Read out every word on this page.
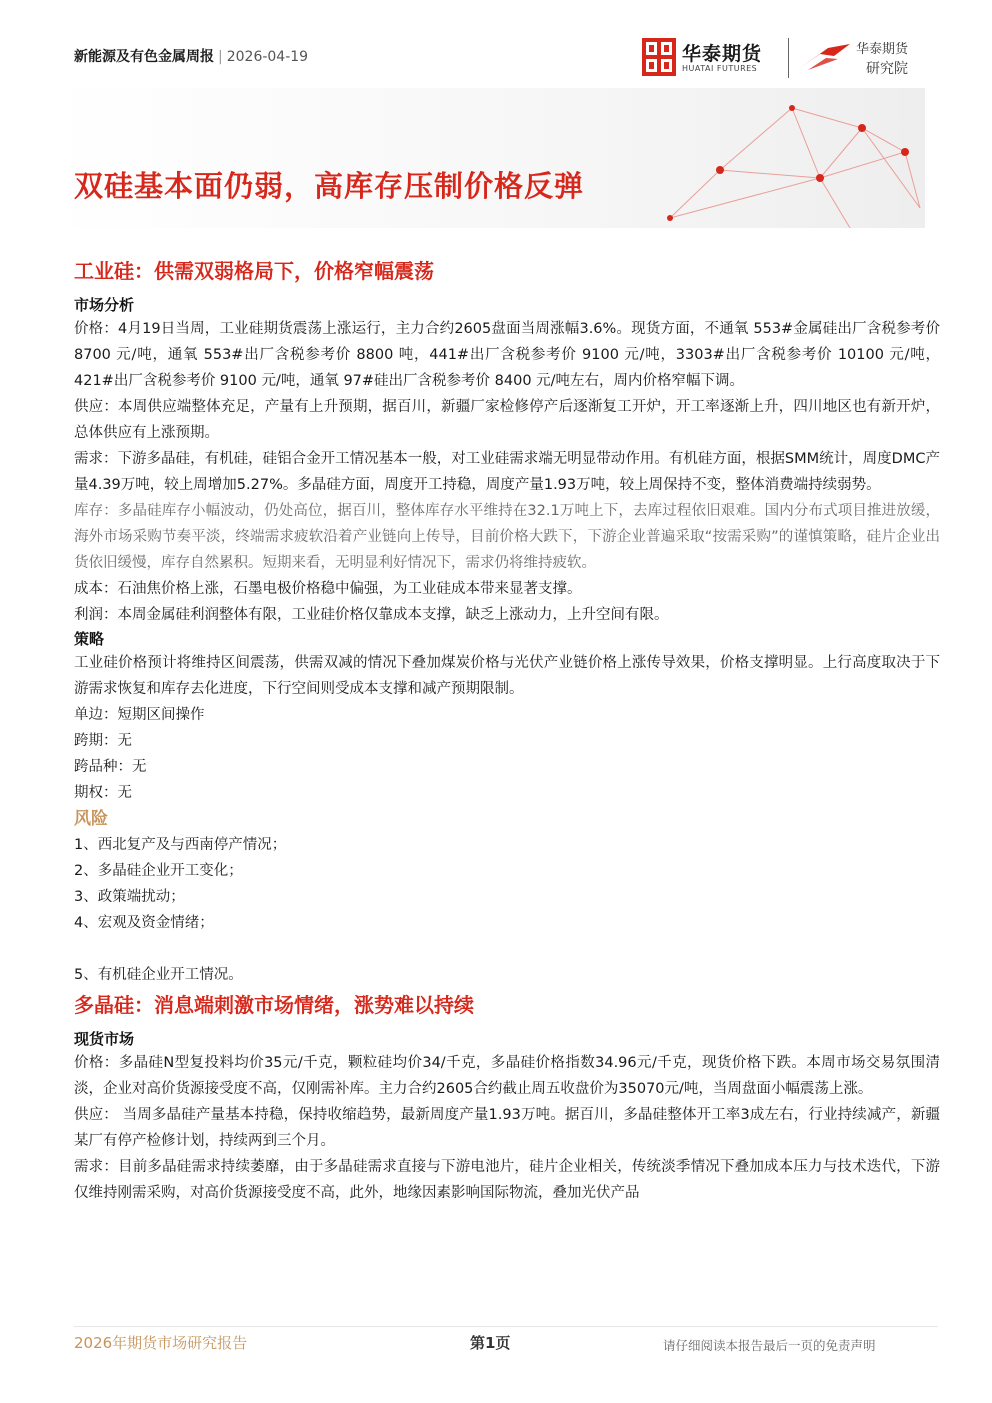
新能源及有色金属周报 | 2026-04-19	华泰期货
HUATAI FUTURES
华泰期货
研究院
双硅基本面仍弱，高库存压制价格反弹
工业硅：供需双弱格局下，价格窄幅震荡
市场分析

价格：4月19日当周，工业硅期货震荡上涨运行，主力合约2605盘面当周涨幅3.6%。现货方面，不通氧 553#金属硅出厂含税参考价 8700 元/吨，通氧 553#出厂含税参考价 8800 吨，441#出厂含税参考价 9100 元/吨，3303#出厂含税参考价 10100 元/吨，421#出厂含税参考价 9100 元/吨，通氧 97#硅出厂含税参考价 8400 元/吨左右，周内价格窄幅下调。

供应：本周供应端整体充足，产量有上升预期，据百川，新疆厂家检修停产后逐渐复工开炉，开工率逐渐上升，四川地区也有新开炉，总体供应有上涨预期。

需求：下游多晶硅，有机硅，硅铝合金开工情况基本一般，对工业硅需求端无明显带动作用。有机硅方面，根据SMM统计，周度DMC产量4.39万吨，较上周增加5.27%。多晶硅方面，周度开工持稳，周度产量1.93万吨，较上周保持不变，整体消费端持续弱势。

库存：多晶硅库存小幅波动，仍处高位，据百川，整体库存水平维持在32.1万吨上下，去库过程依旧艰难。国内分布式项目推进放缓，海外市场采购节奏平淡，终端需求疲软沿着产业链向上传导，目前价格大跌下，下游企业普遍采取“按需采购”的谨慎策略，硅片企业出货依旧缓慢，库存自然累积。短期来看，无明显利好情况下，需求仍将维持疲软。

成本：石油焦价格上涨，石墨电极价格稳中偏强，为工业硅成本带来显著支撑。

利润：本周金属硅利润整体有限，工业硅价格仅靠成本支撑，缺乏上涨动力，上升空间有限。

策略

工业硅价格预计将维持区间震荡，供需双减的情况下叠加煤炭价格与光伏产业链价格上涨传导效果，价格支撑明显。上行高度取决于下游需求恢复和库存去化进度，下行空间则受成本支撑和减产预期限制。

单边：短期区间操作

跨期：无

跨品种：无

期权：无

风险

1、西北复产及与西南停产情况；

2、多晶硅企业开工变化；

3、政策端扰动；

4、宏观及资金情绪；

5、有机硅企业开工情况。

多晶硅：消息端刺激市场情绪，涨势难以持续
现货市场

价格：多晶硅N型复投料均价35元/千克，颗粒硅均价34/千克，多晶硅价格指数34.96元/千克，现货价格下跌。本周市场交易氛围清淡，企业对高价货源接受度不高，仅刚需补库。主力合约2605合约截止周五收盘价为35070元/吨，当周盘面小幅震荡上涨。

供应： 当周多晶硅产量基本持稳，保持收缩趋势，最新周度产量1.93万吨。据百川，多晶硅整体开工率3成左右，行业持续减产，新疆某厂有停产检修计划，持续两到三个月。

需求：目前多晶硅需求持续萎靡，由于多晶硅需求直接与下游电池片，硅片企业相关，传统淡季情况下叠加成本压力与技术迭代，下游仅维持刚需采购，对高价货源接受度不高，此外，地缘因素影响国际物流，叠加光伏产品

2026年期货市场研究报告	第1页	请仔细阅读本报告最后一页的免责声明
